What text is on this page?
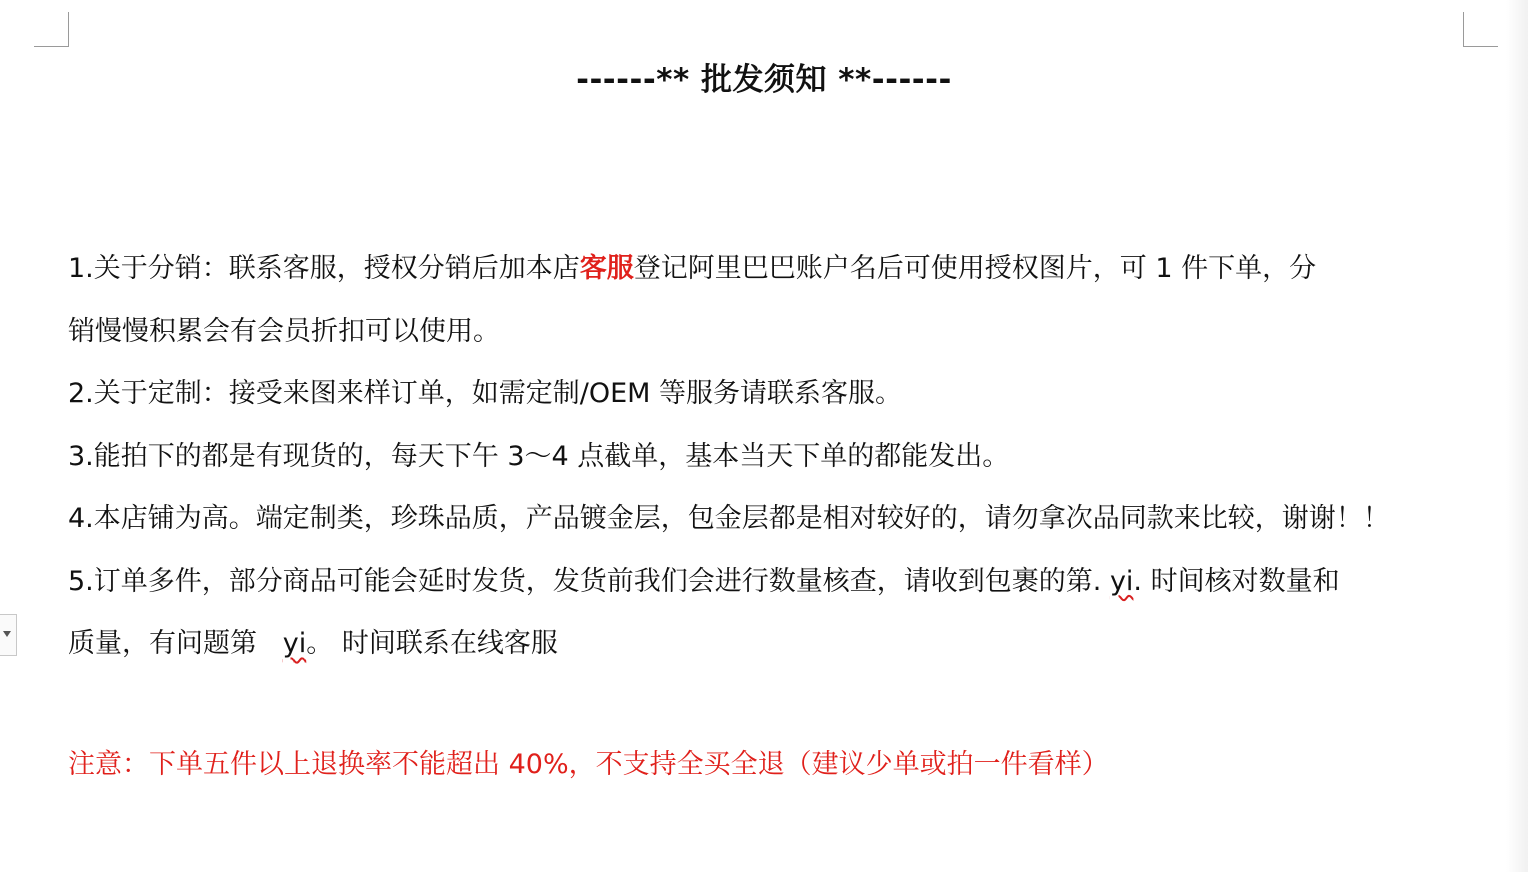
------** 批发须知 **------

1.关于分销：联系客服，授权分销后加本店客服登记阿里巴巴账户名后可使用授权图片，可 1 件下单，分

销慢慢积累会有会员折扣可以使用。

2.关于定制：接受来图来样订单，如需定制/OEM 等服务请联系客服。

3.能拍下的都是有现货的，每天下午 3～4 点截单，基本当天下单的都能发出。

4.本店铺为高。端定制类，珍珠品质，产品镀金层，包金层都是相对较好的，请勿拿次品同款来比较，谢谢！！

5.订单多件，部分商品可能会延时发货，发货前我们会进行数量核查，请收到包裹的第. yi. 时间核对数量和

质量，有问题第 yi。 时间联系在线客服

注意：下单五件以上退换率不能超出 40%，不支持全买全退（建议少单或拍一件看样）
